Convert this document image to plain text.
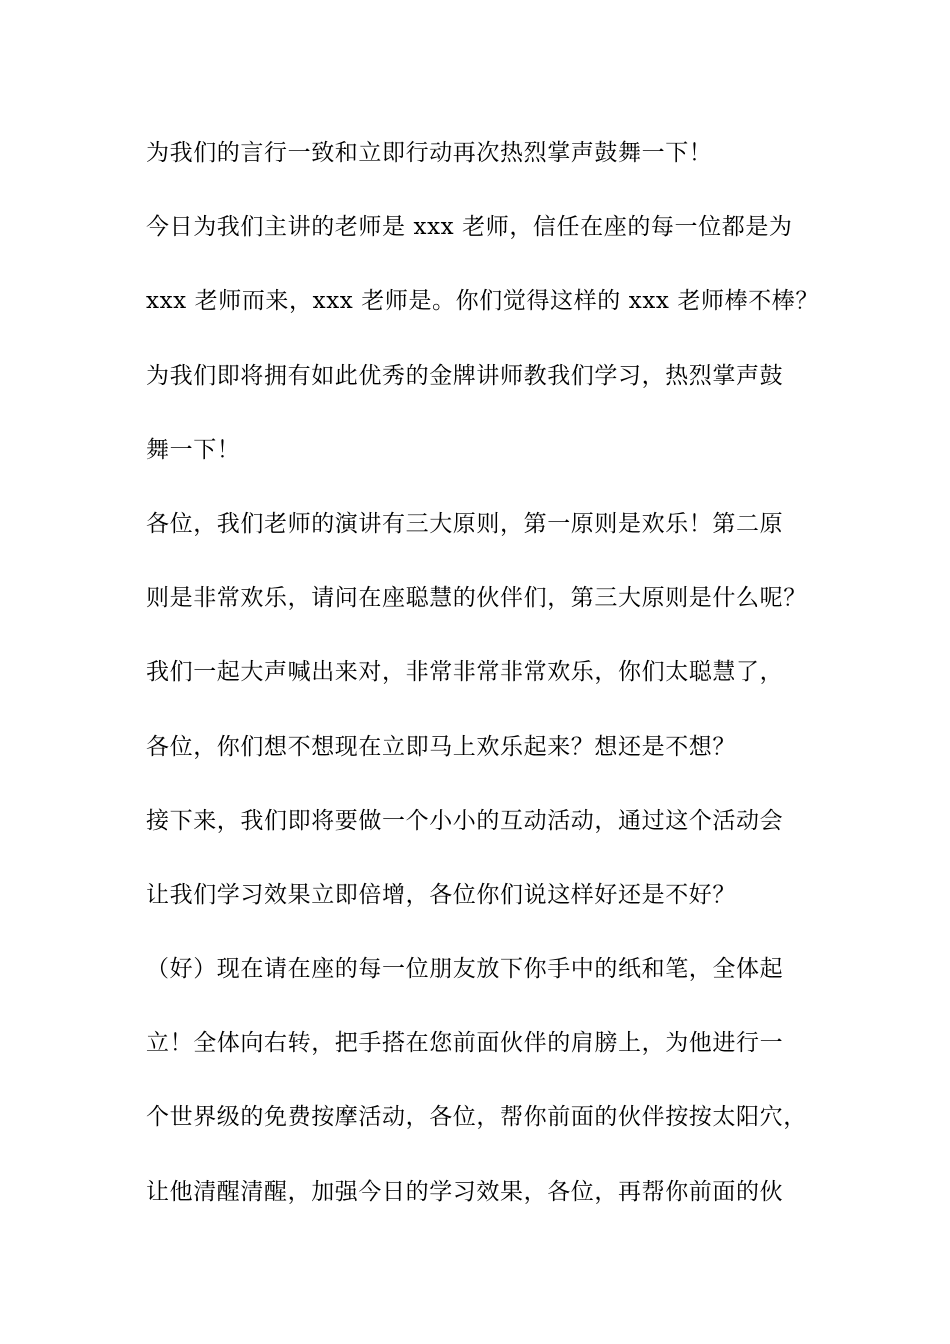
为我们的言行一致和立即行动再次热烈掌声鼓舞一下！
今日为我们主讲的老师是 xxx 老师，信任在座的每一位都是为
xxx 老师而来，xxx 老师是。你们觉得这样的 xxx 老师棒不棒？
为我们即将拥有如此优秀的金牌讲师教我们学习，热烈掌声鼓
舞一下！
各位，我们老师的演讲有三大原则，第一原则是欢乐！第二原
则是非常欢乐，请问在座聪慧的伙伴们，第三大原则是什么呢？
我们一起大声喊出来对，非常非常非常欢乐，你们太聪慧了，
各位，你们想不想现在立即马上欢乐起来？想还是不想？
接下来，我们即将要做一个小小的互动活动，通过这个活动会
让我们学习效果立即倍增，各位你们说这样好还是不好？
（好）现在请在座的每一位朋友放下你手中的纸和笔，全体起
立！全体向右转，把手搭在您前面伙伴的肩膀上，为他进行一
个世界级的免费按摩活动，各位，帮你前面的伙伴按按太阳穴，
让他清醒清醒，加强今日的学习效果，各位，再帮你前面的伙
